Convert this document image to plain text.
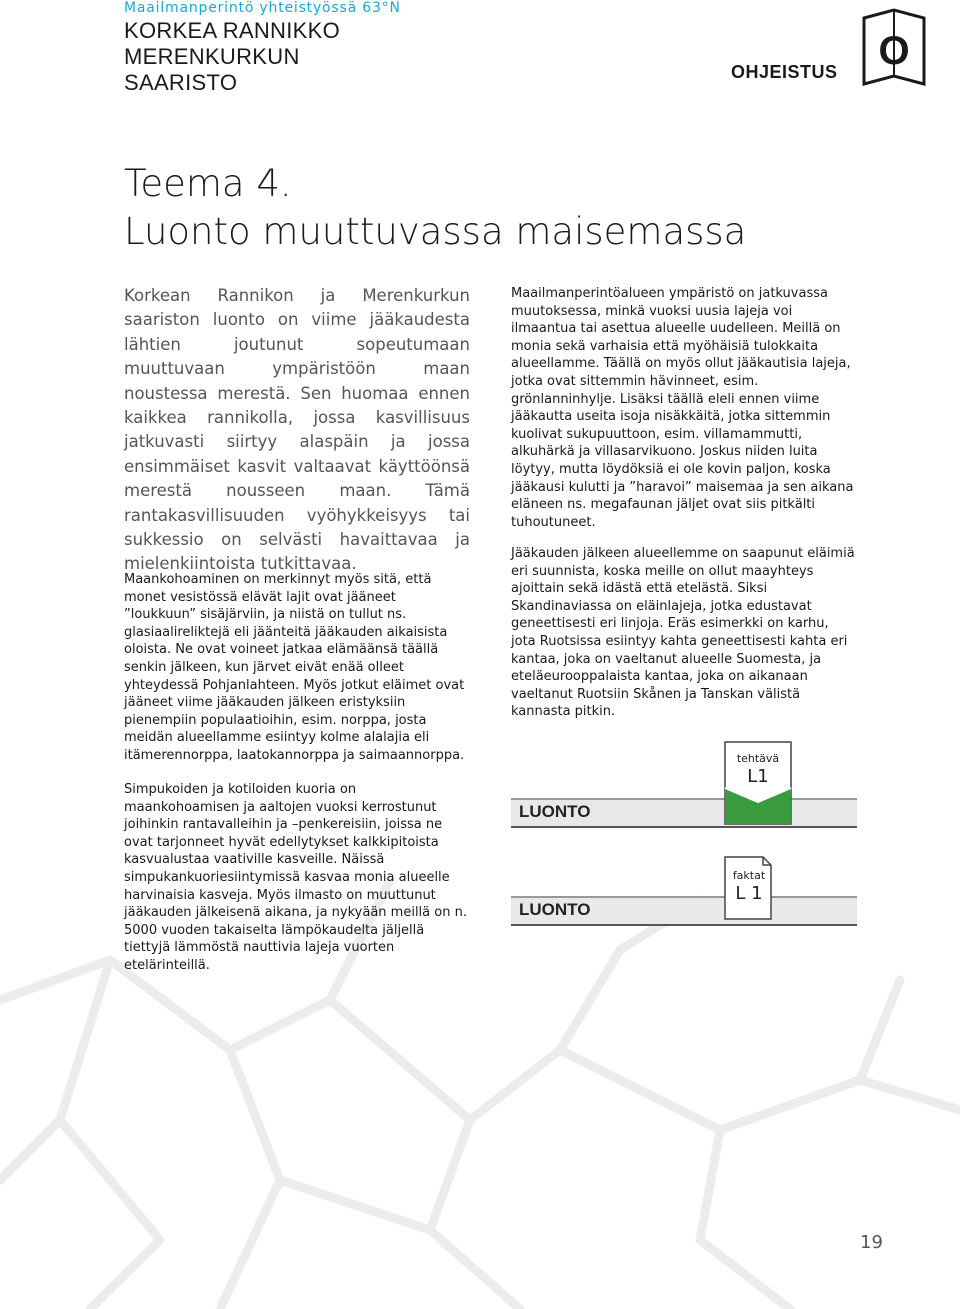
Maailmanperintö yhteistyössä 63°N
KORKEA RANNIKKO
MERENKURKUN
SAARISTO	OHJEISTUS O
Teema 4.
Luonto muuttuvassa maisemassa
Korkean Rannikon ja Merenkurkun saariston luonto on viime jääkaudesta lähtien joutunut sopeutumaan muuttuvaan ympäristöön maan noustessa merestä. Sen huomaa ennen kaikkea rannikolla, jossa kasvillisuus jatkuvasti siirtyy alaspäin ja jossa ensimmäiset kasvit valtaavat käyttöönsä merestä nousseen maan. Tämä rantakasvillisuuden vyöhykkeisyys tai sukkessio on selvästi havaittavaa ja mielenkiintoista tutkittavaa.
Maankohoaminen on merkinnyt myös sitä, että monet vesistössä elävät lajit ovat jääneet ”loukkuun” sisäjärviin, ja niistä on tullut ns. glasiaalireliktejä eli jäänteitä jääkauden aikaisista oloista. Ne ovat voineet jatkaa elämäänsä täällä senkin jälkeen, kun järvet eivät enää olleet yhteydessä Pohjanlahteen. Myös jotkut eläimet ovat jääneet viime jääkauden jälkeen eristyksiin pienempiin populaatioihin, esim. norppa, josta meidän alueellamme esiintyy kolme alalajia eli itämerennorppa, laatokannorppa ja saimaannorppa.
Simpukoiden ja kotiloiden kuoria on maankohoamisen ja aaltojen vuoksi kerrostunut joihinkin rantavalleihin ja –penkereisiin, joissa ne ovat tarjonneet hyvät edellytykset kalkkipitoista kasvualustaa vaativille kasveille. Näissä simpukankuoriesiintymissä kasvaa monia alueelle harvinaisia kasveja. Myös ilmasto on muuttunut jääkauden jälkeisenä aikana, ja nykyään meillä on n. 5000 vuoden takaiselta lämpökaudelta jäljellä tiettyjä lämmöstä nauttivia lajeja vuorten etelärinteillä.
Maailmanperintöalueen ympäristö on jatkuvassa muutoksessa, minkä vuoksi uusia lajeja voi ilmaantua tai asettua alueelle uudelleen. Meillä on monia sekä varhaisia että myöhäisiä tulokkaita alueellamme. Täällä on myös ollut jääkautisia lajeja, jotka ovat sittemmin hävinneet, esim. grönlanninhylje. Lisäksi täällä eleli ennen viime jääkautta useita isoja nisäkkäitä, jotka sittemmin kuolivat sukupuuttoon, esim. villamammutti, alkuhärkä ja villasarvikuono. Joskus niiden luita löytyy, mutta löydöksiä ei ole kovin paljon, koska jääkausi kulutti ja ”haravoi” maisemaa ja sen aikana eläneen ns. megafaunan jäljet ovat siis pitkälti tuhoutuneet.
Jääkauden jälkeen alueellemme on saapunut eläimiä eri suunnista, koska meille on ollut maayhteys ajoittain sekä idästä että etelästä. Siksi Skandinaviassa on eläinlajeja, jotka edustavat geneettisesti eri linjoja. Eräs esimerkki on karhu, jota Ruotsissa esiintyy kahta geneettisesti kahta eri kantaa, joka on vaeltanut alueelle Suomesta, ja eteläeurooppalaista kantaa, joka on aikanaan vaeltanut Ruotsiin Skånen ja Tanskan välistä kannasta pitkin.
LUONTO
LUONTO
tehtävä
L1
faktat
L 1
19
